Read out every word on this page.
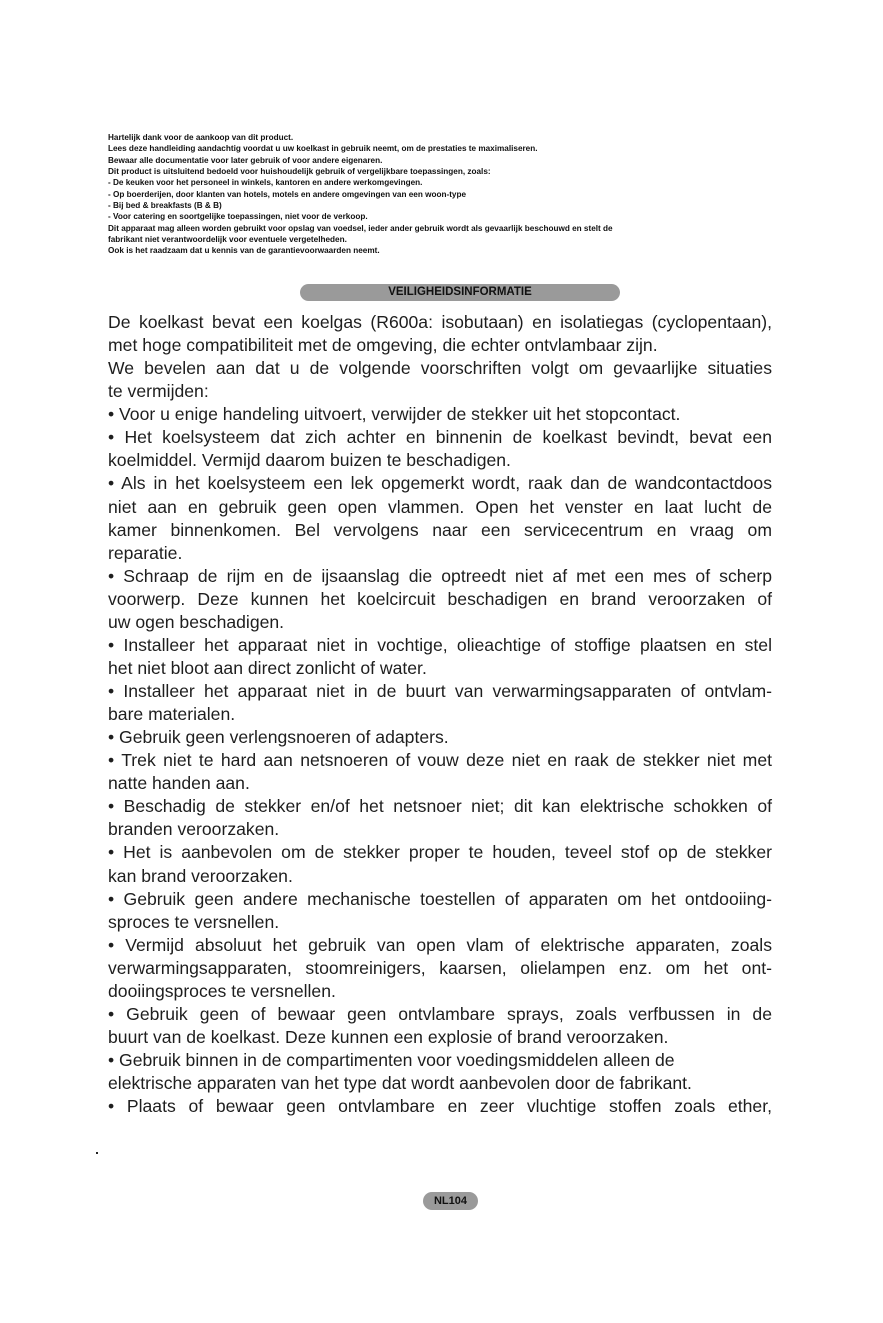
Hartelijk dank voor de aankoop van dit product.
Lees deze handleiding aandachtig voordat u uw koelkast in gebruik neemt, om de prestaties te maximaliseren.
Bewaar alle documentatie voor later gebruik of voor andere eigenaren.
Dit product is uitsluitend bedoeld voor huishoudelijk gebruik of vergelijkbare toepassingen, zoals:
- De keuken voor het personeel in winkels, kantoren en andere werkomgevingen.
- Op boerderijen, door klanten van hotels, motels en andere omgevingen van een woon-type
- Bij bed & breakfasts (B & B)
- Voor catering en soortgelijke toepassingen, niet voor de verkoop.
Dit apparaat mag alleen worden gebruikt voor opslag van voedsel, ieder ander gebruik wordt als gevaarlijk beschouwd en stelt de
fabrikant niet verantwoordelijk voor eventuele vergetelheden.
Ook is het raadzaam dat u kennis van de garantievoorwaarden neemt.
VEILIGHEIDSINFORMATIE
De koelkast bevat een koelgas (R600a: isobutaan) en isolatiegas (cyclopentaan),
met hoge compatibiliteit met de omgeving, die echter ontvlambaar zijn.
We bevelen aan dat u de volgende voorschriften volgt om gevaarlijke situaties
te vermijden:
• Voor u enige handeling uitvoert, verwijder de stekker uit het stopcontact.
• Het koelsysteem dat zich achter en binnenin de koelkast bevindt, bevat een
koelmiddel. Vermijd daarom buizen te beschadigen.
• Als in het koelsysteem een lek opgemerkt wordt, raak dan de wandcontactdoos
niet aan en gebruik geen open vlammen. Open het venster en laat lucht de
kamer binnenkomen. Bel vervolgens naar een servicecentrum en vraag om
reparatie.
• Schraap de rijm en de ijsaanslag die optreedt niet af met een mes of scherp
voorwerp. Deze kunnen het koelcircuit beschadigen en brand veroorzaken of
uw ogen beschadigen.
• Installeer het apparaat niet in vochtige, olieachtige of stoffige plaatsen en stel
het niet bloot aan direct zonlicht of water.
• Installeer het apparaat niet in de buurt van verwarmingsapparaten of ontvlam-
bare materialen.
• Gebruik geen verlengsnoeren of adapters.
• Trek niet te hard aan netsnoeren of vouw deze niet en raak de stekker niet met
natte handen aan.
• Beschadig de stekker en/of het netsnoer niet; dit kan elektrische schokken of
branden veroorzaken.
• Het is aanbevolen om de stekker proper te houden, teveel stof op de stekker
kan brand veroorzaken.
• Gebruik geen andere mechanische toestellen of apparaten om het ontdooiing-
sproces te versnellen.
• Vermijd absoluut het gebruik van open vlam of elektrische apparaten, zoals
verwarmingsapparaten, stoomreinigers, kaarsen, olielampen enz. om het ont-
dooiingsproces te versnellen.
• Gebruik geen of bewaar geen ontvlambare sprays, zoals verfbussen in de
buurt van de koelkast. Deze kunnen een explosie of brand veroorzaken.
• Gebruik binnen in de compartimenten voor voedingsmiddelen alleen de
elektrische apparaten van het type dat wordt aanbevolen door de fabrikant.
• Plaats of bewaar geen ontvlambare en zeer vluchtige stoffen zoals ether,
NL104
